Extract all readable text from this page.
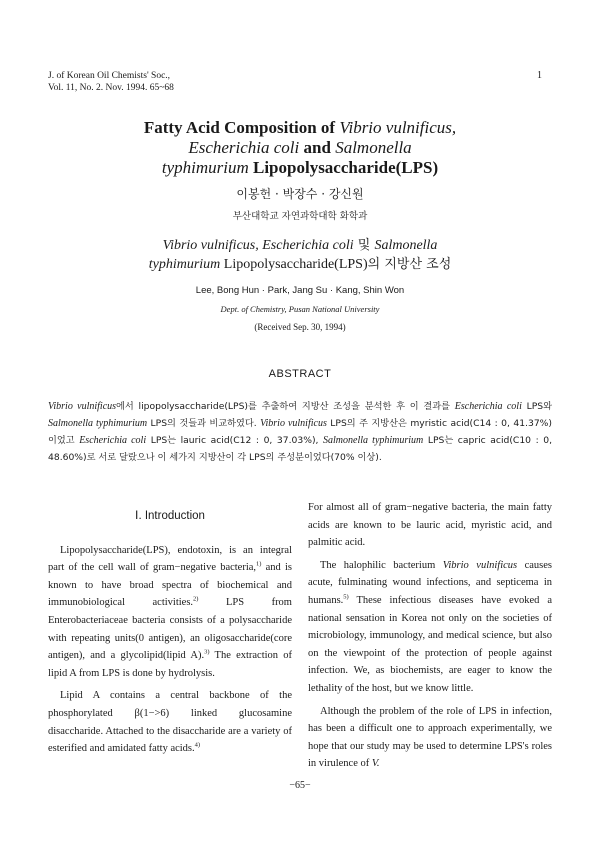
J. of Korean Oil Chemists' Soc.,
Vol. 11, No. 2. Nov. 1994. 65~68
1
Fatty Acid Composition of Vibrio vulnificus,
Escherichia coli and Salmonella
typhimurium Lipopolysaccharide(LPS)
이봉헌 · 박장수 · 강신원
부산대학교 자연과학대학 화학과
Vibrio vulnificus, Escherichia coli 및 Salmonella
typhimurium Lipopolysaccharide(LPS)의 지방산 조성
Lee, Bong Hun · Park, Jang Su · Kang, Shin Won
Dept. of Chemistry, Pusan National University
(Received Sep. 30, 1994)
ABSTRACT
Vibrio vulnificus에서 lipopolysaccharide(LPS)를 추출하여 지방산 조성을 분석한 후 이 결과를 Escherichia coli LPS와 Salmonella typhimurium LPS의 것들과 비교하였다. Vibrio vulnificus LPS의 주 지방산은 myristic acid(C14 : 0, 41.37%)이었고 Escherichia coli LPS는 lauric acid(C12 : 0, 37.03%), Salmonella typhimurium LPS는 capric acid(C10 : 0, 48.60%)로 서로 달랐으나 이 세가지 지방산이 각 LPS의 주성분이었다(70% 이상).
Ⅰ. Introduction

Lipopolysaccharide(LPS), endotoxin, is an integral part of the cell wall of gram−negative bacteria,$^{1)}$ and is known to have broad spectra of biochemical and immunobiological activities.$^{2)}$ LPS from Enterobacteriaceae bacteria consists of a polysaccharide with repeating units(0 antigen), an oligosaccharide(core antigen), and a glycolipid(lipid A).$^{3)}$ The extraction of lipid A from LPS is done by hydrolysis.

Lipid A contains a central backbone of the phosphorylated β(1−>6) linked glucosamine disaccharide. Attached to the disaccharide are a variety of esterified and amidated fatty acids.$^{4)}$

For almost all of gram−negative bacteria, the main fatty acids are known to be lauric acid, myristic acid, and palmitic acid.

The halophilic bacterium Vibrio vulnificus causes acute, fulminating wound infections, and septicema in humans.$^{5)}$ These infectious diseases have evoked a national sensation in Korea not only on the societies of microbiology, immunology, and medical science, but also on the viewpoint of the protection of people against infection. We, as biochemists, are eager to know the lethality of the host, but we know little.

Although the problem of the role of LPS in infection, has been a difficult one to approach experimentally, we hope that our study may be used to determine LPS's roles in virulence of V.

−65−
